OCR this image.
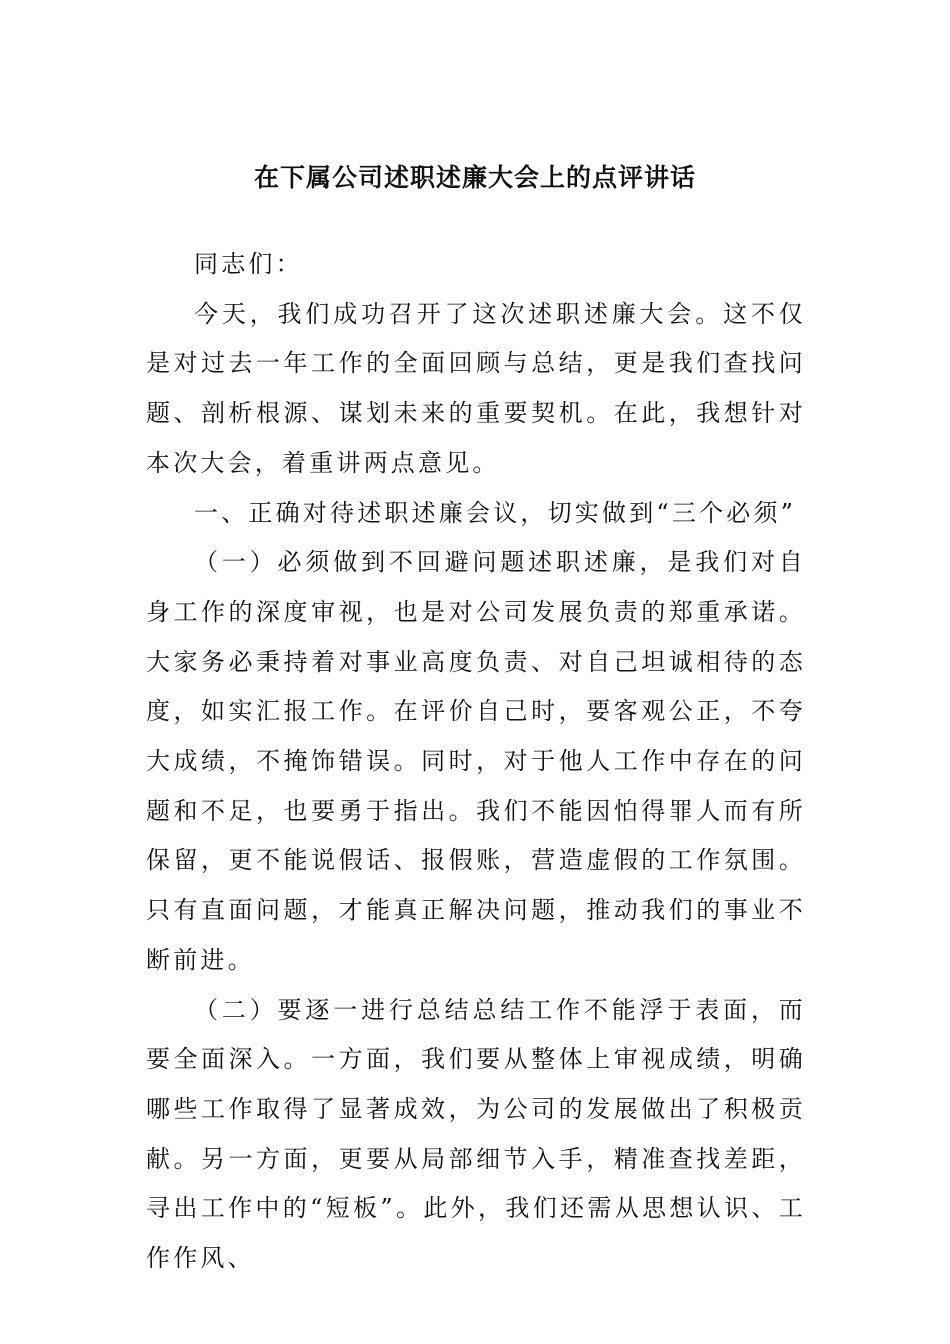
在下属公司述职述廉大会上的点评讲话

同志们：

今天，我们成功召开了这次述职述廉大会。这不仅是对过去一年工作的全面回顾与总结，更是我们查找问题、剖析根源、谋划未来的重要契机。在此，我想针对本次大会，着重讲两点意见。

一、正确对待述职述廉会议，切实做到“三个必须”

（一）必须做到不回避问题述职述廉，是我们对自身工作的深度审视，也是对公司发展负责的郑重承诺。大家务必秉持着对事业高度负责、对自己坦诚相待的态度，如实汇报工作。在评价自己时，要客观公正，不夸大成绩，不掩饰错误。同时，对于他人工作中存在的问题和不足，也要勇于指出。我们不能因怕得罪人而有所保留，更不能说假话、报假账，营造虚假的工作氛围。只有直面问题，才能真正解决问题，推动我们的事业不断前进。

（二）要逐一进行总结总结工作不能浮于表面，而要全面深入。一方面，我们要从整体上审视成绩，明确哪些工作取得了显著成效，为公司的发展做出了积极贡献。另一方面，更要从局部细节入手，精准查找差距，寻出工作中的“短板”。此外，我们还需从思想认识、工作作风、
